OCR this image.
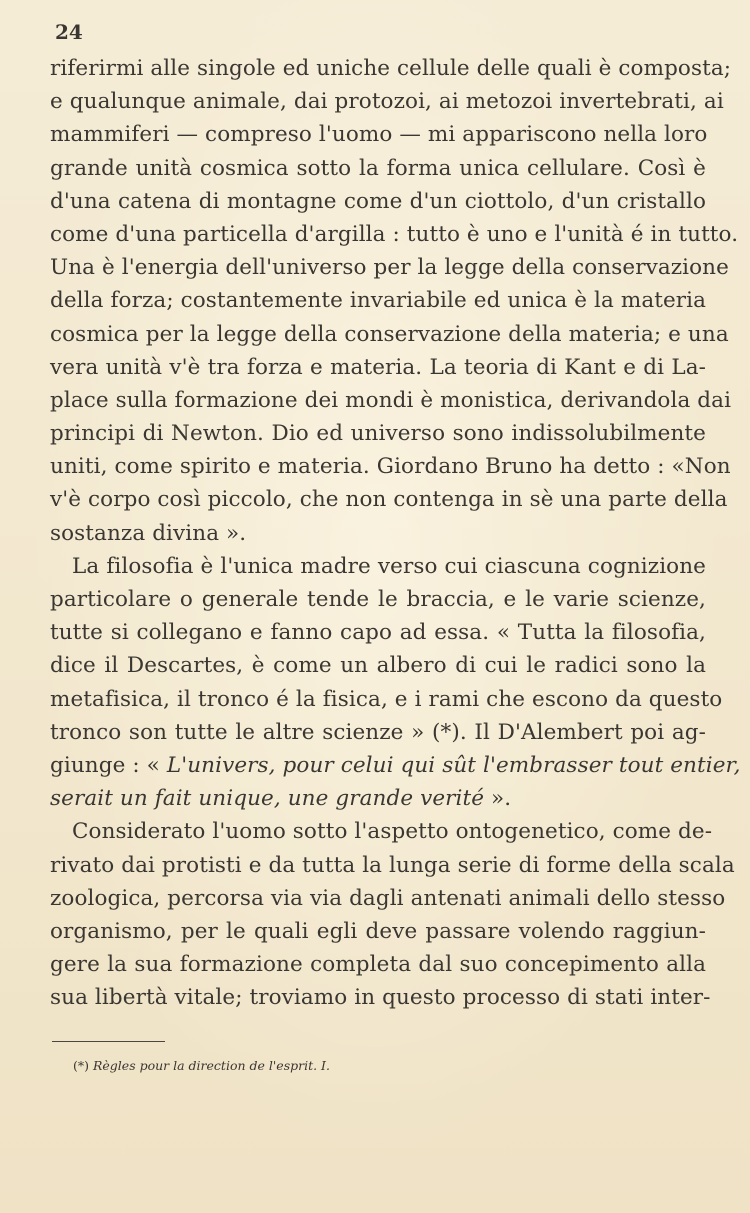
24
riferirmi alle singole ed uniche cellule delle quali è composta;
e qualunque animale, dai protozoi, ai metozoi invertebrati, ai
mammiferi — compreso l'uomo — mi appariscono nella loro
grande unità cosmica sotto la forma unica cellulare. Così è
d'una catena di montagne come d'un ciottolo, d'un cristallo
come d'una particella d'argilla : tutto è uno e l'unità é in tutto.
Una è l'energia dell'universo per la legge della conservazione
della forza; costantemente invariabile ed unica è la materia
cosmica per la legge della conservazione della materia; e una
vera unità v'è tra forza e materia. La teoria di Kant e di La-
place sulla formazione dei mondi è monistica, derivandola dai
principi di Newton. Dio ed universo sono indissolubilmente
uniti, come spirito e materia. Giordano Bruno ha detto : «Non
v'è corpo così piccolo, che non contenga in sè una parte della
sostanza divina ».
La filosofia è l'unica madre verso cui ciascuna cognizione
particolare o generale tende le braccia, e le varie scienze,
tutte si collegano e fanno capo ad essa. « Tutta la filosofia,
dice il Descartes, è come un albero di cui le radici sono la
metafisica, il tronco é la fisica, e i rami che escono da questo
tronco son tutte le altre scienze » (*). Il D'Alembert poi ag-
giunge : « L'univers, pour celui qui sût l'embrasser tout entier,
serait un fait unique, une grande verité ».
Considerato l'uomo sotto l'aspetto ontogenetico, come de-
rivato dai protisti e da tutta la lunga serie di forme della scala
zoologica, percorsa via via dagli antenati animali dello stesso
organismo, per le quali egli deve passare volendo raggiun-
gere la sua formazione completa dal suo concepimento alla
sua libertà vitale; troviamo in questo processo di stati inter-
(*) Règles pour la direction de l'esprit. I.
